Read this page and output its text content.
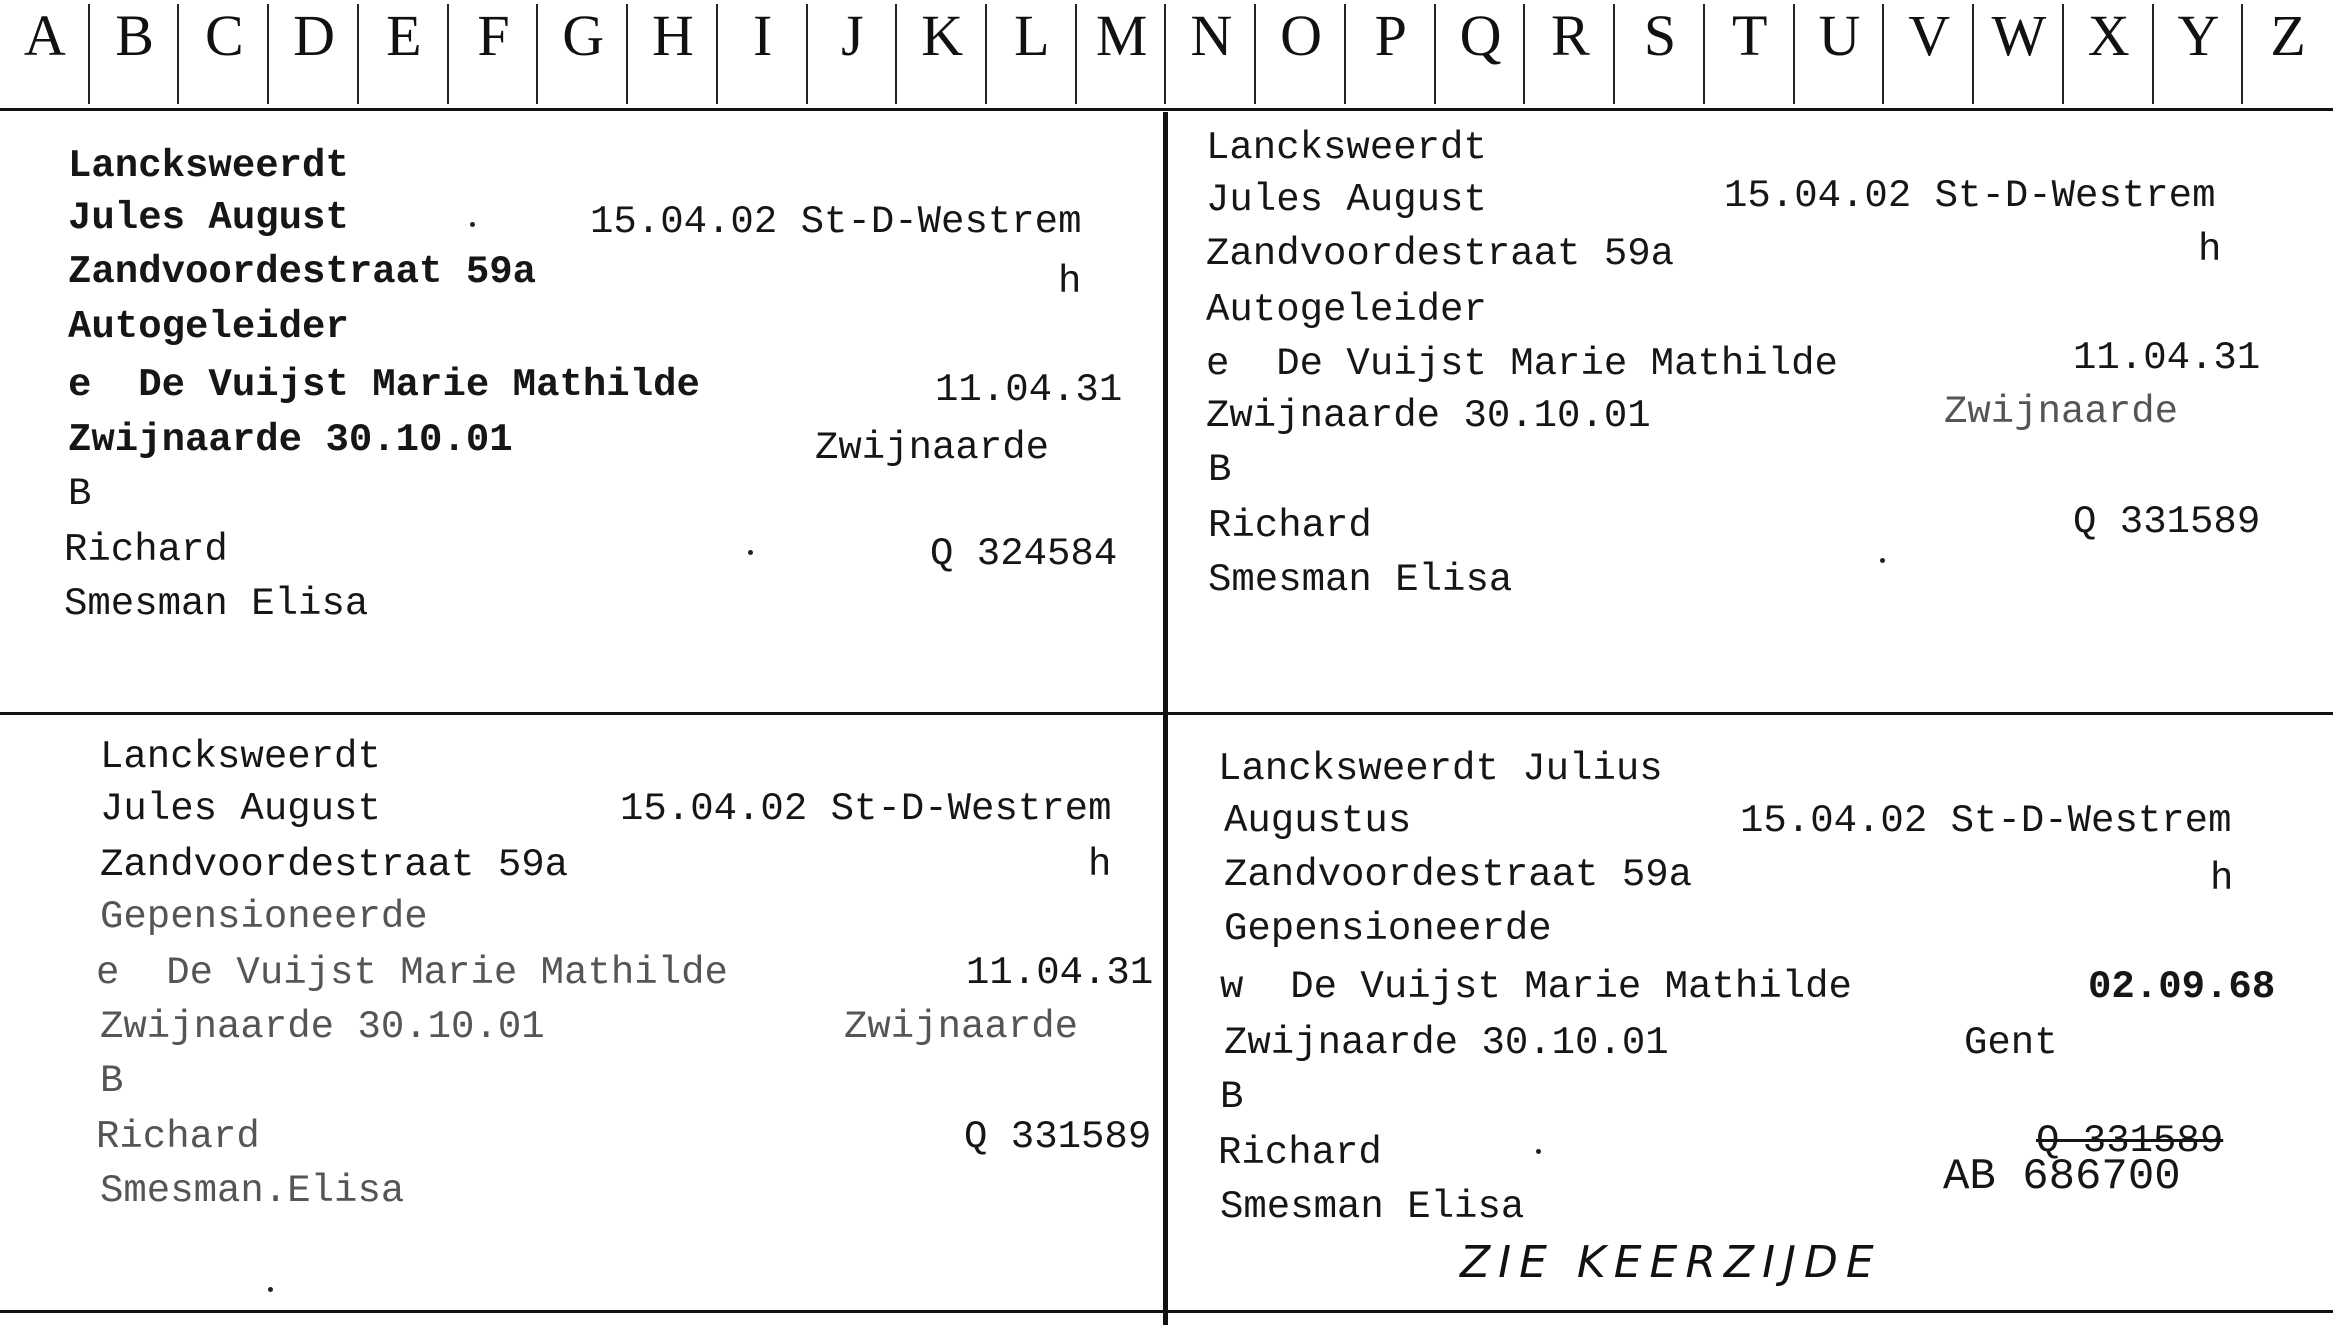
A B C D E F G H	I	J K L M N O P Q R S T U V W X Y Z
Lancksweerdt
Jules August	15.04.02 St-D-Westrem
Zandvoordestraat 59a	h
Autogeleider
e  De Vuijst Marie Mathilde	11.04.31
Zwijnaarde 30.10.01	Zwijnaarde
B
Richard	Q 324584
Smesman Elisa
Lancksweerdt
Jules August	15.04.02 St-D-Westrem
Zandvoordestraat 59a	h
Autogeleider
e  De Vuijst Marie Mathilde	11.04.31
Zwijnaarde 30.10.01	Zwijnaarde
B
Richard	Q 331589
Smesman Elisa
Lancksweerdt
Jules August	15.04.02 St-D-Westrem
Zandvoordestraat 59a	h
Gepensioneerde
e  De Vuijst Marie Mathilde	11.04.31
Zwijnaarde 30.10.01	Zwijnaarde
B
Richard	Q 331589
Smesman.Elisa
Lancksweerdt Julius
Augustus	15.04.02 St-D-Westrem
Zandvoordestraat 59a	h
Gepensioneerde
w  De Vuijst Marie Mathilde	02.09.68
Zwijnaarde 30.10.01	Gent
B
Richard	Q 331589
AB 686700
Smesman Elisa
ZIE KEERZIJDE
